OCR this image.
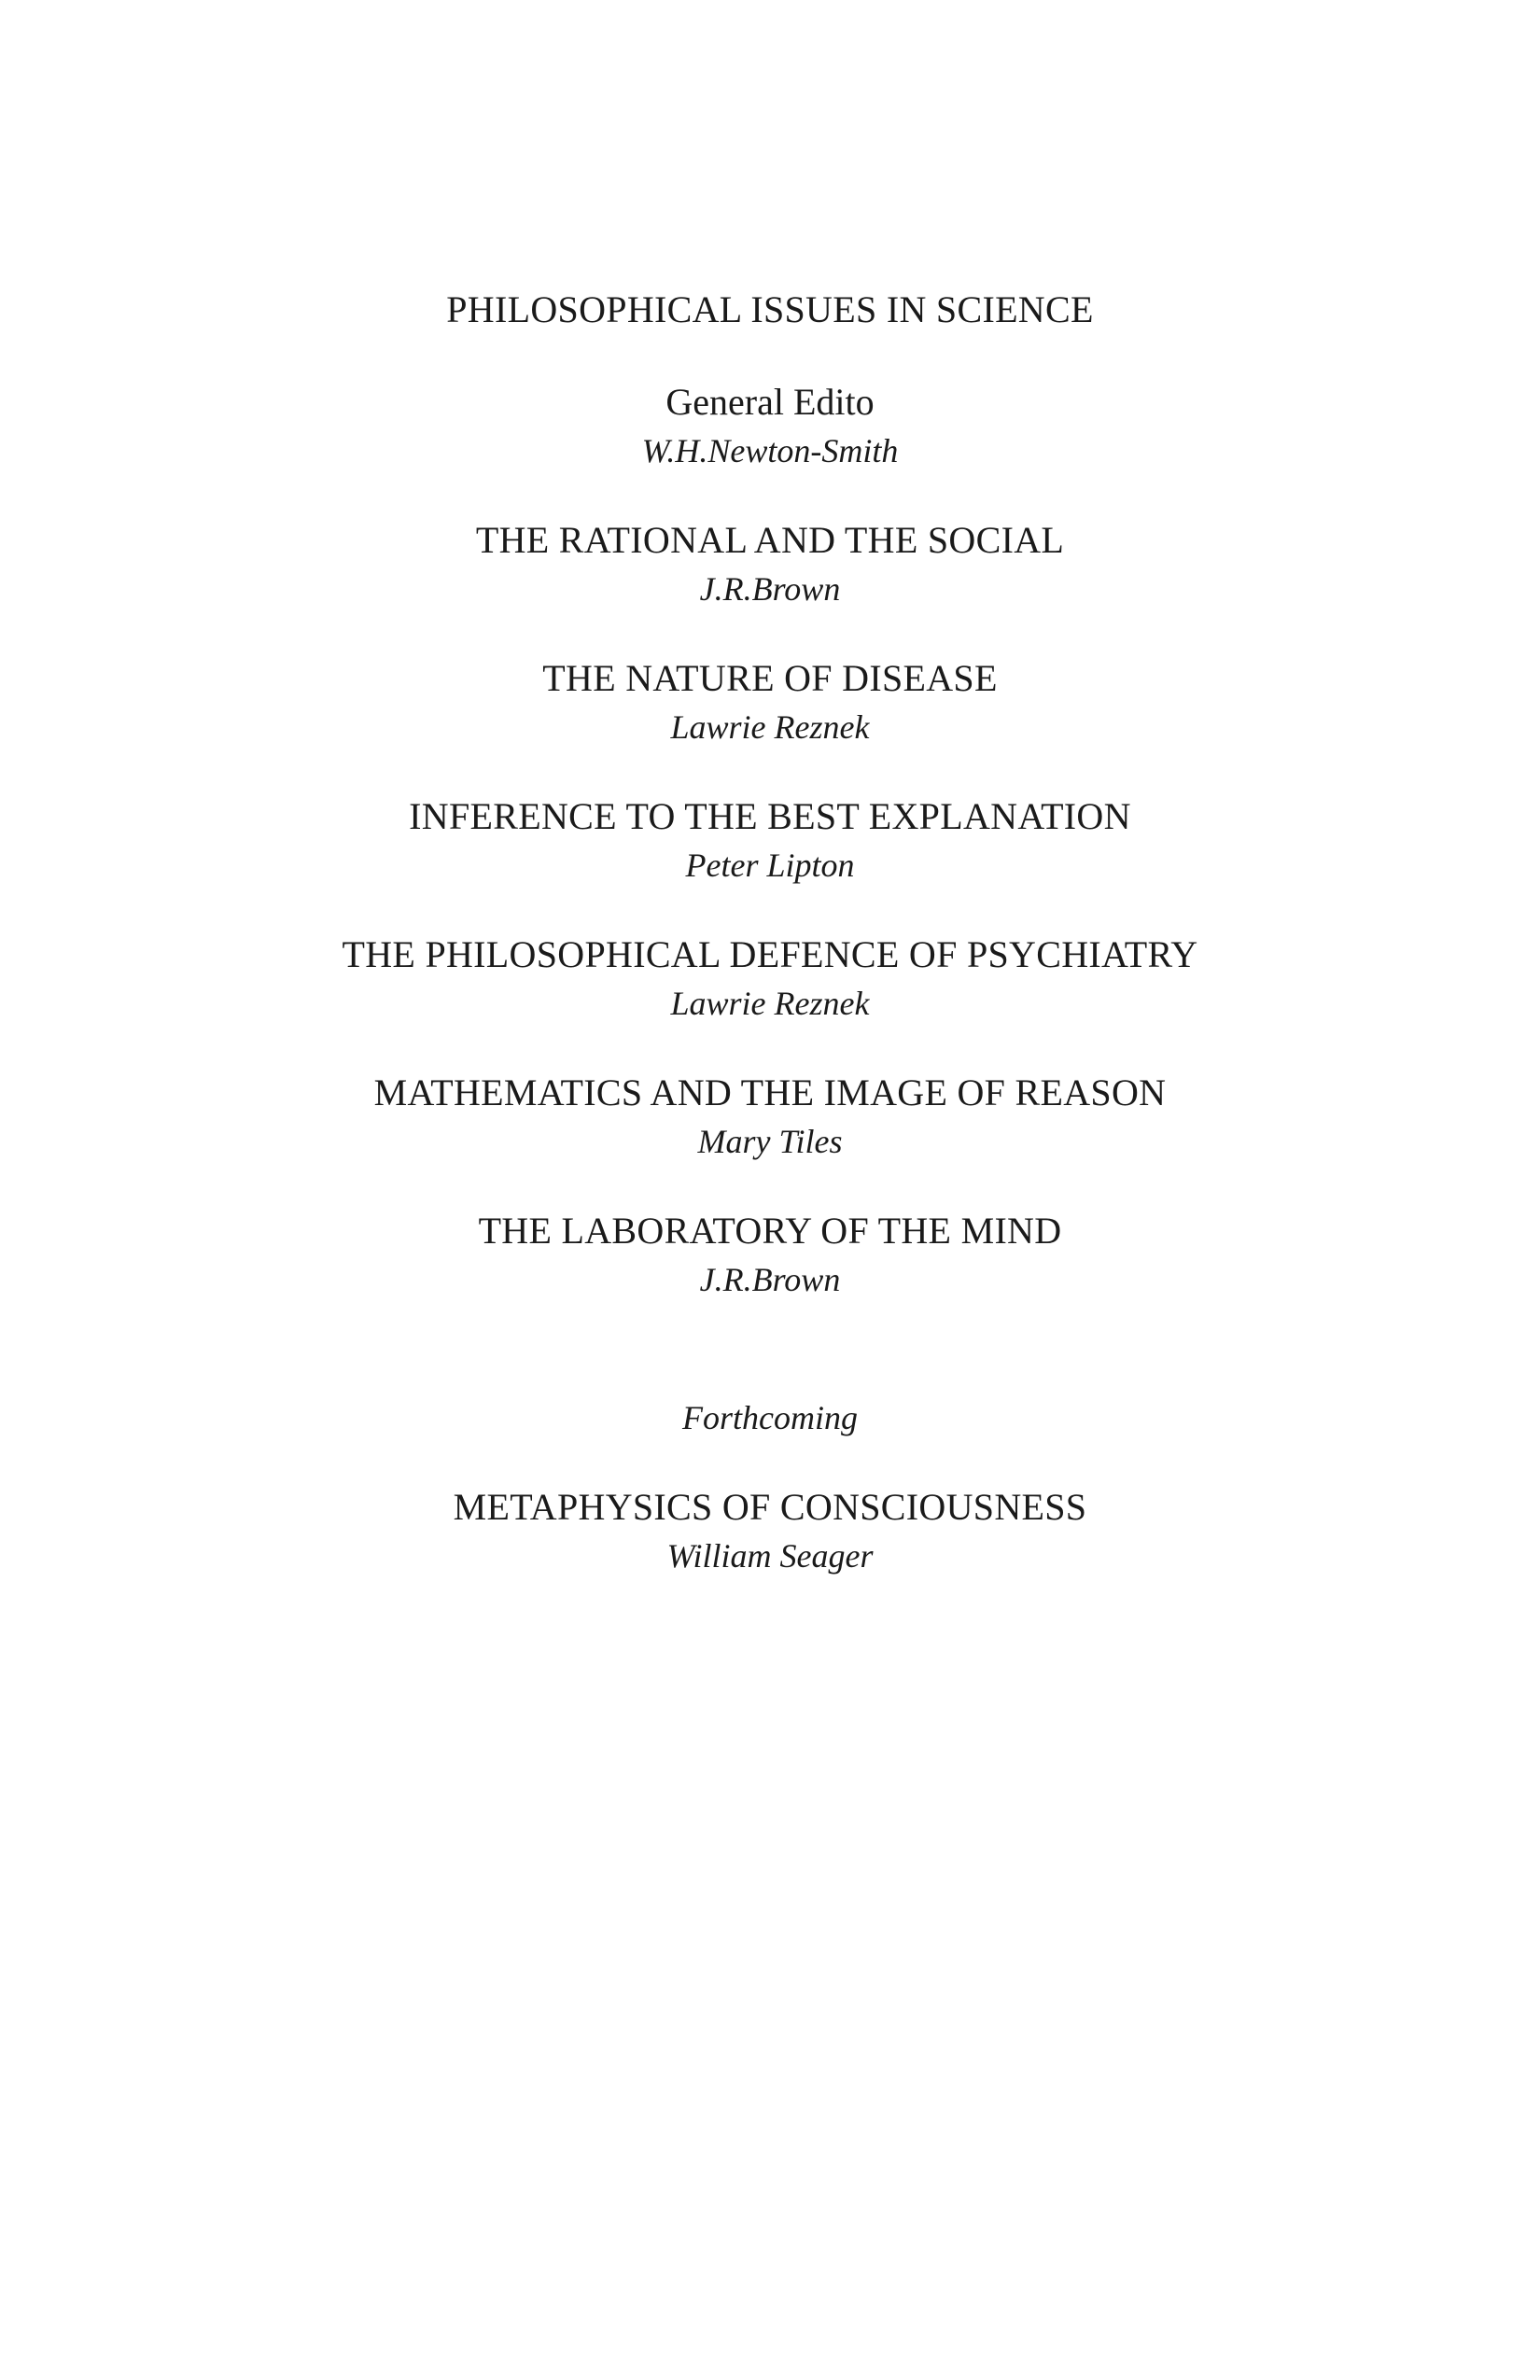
PHILOSOPHICAL ISSUES IN SCIENCE
General Edito
W.H.Newton-Smith
THE RATIONAL AND THE SOCIAL
J.R.Brown
THE NATURE OF DISEASE
Lawrie Reznek
INFERENCE TO THE BEST EXPLANATION
Peter Lipton
THE PHILOSOPHICAL DEFENCE OF PSYCHIATRY
Lawrie Reznek
MATHEMATICS AND THE IMAGE OF REASON
Mary Tiles
THE LABORATORY OF THE MIND
J.R.Brown
Forthcoming
METAPHYSICS OF CONSCIOUSNESS
William Seager
